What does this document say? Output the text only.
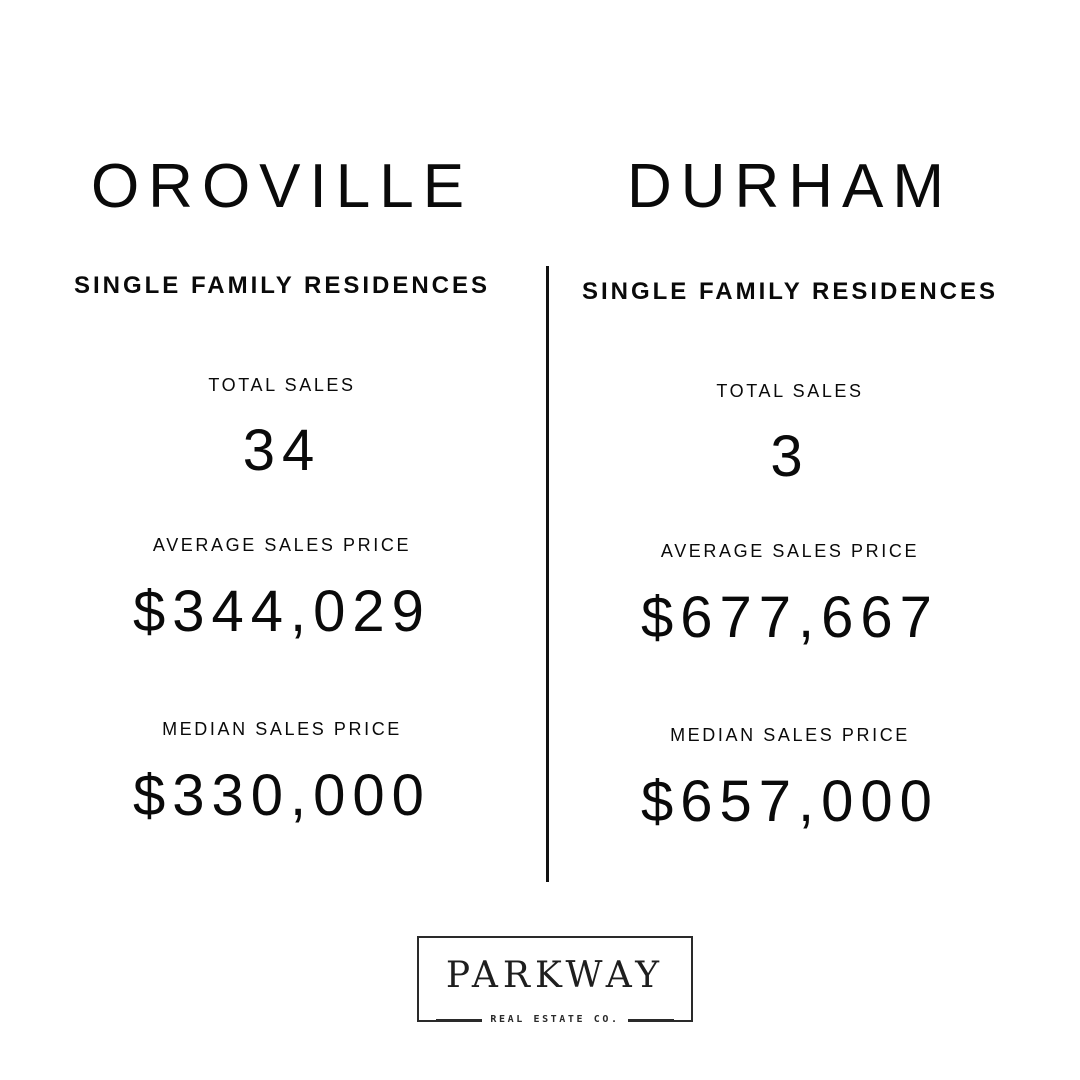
OROVILLE
SINGLE FAMILY RESIDENCES
TOTAL SALES
34
AVERAGE SALES PRICE
$344,029
MEDIAN SALES PRICE
$330,000
DURHAM
SINGLE FAMILY RESIDENCES
TOTAL SALES
3
AVERAGE SALES PRICE
$677,667
MEDIAN SALES PRICE
$657,000
PARKWAY
REAL ESTATE CO.
